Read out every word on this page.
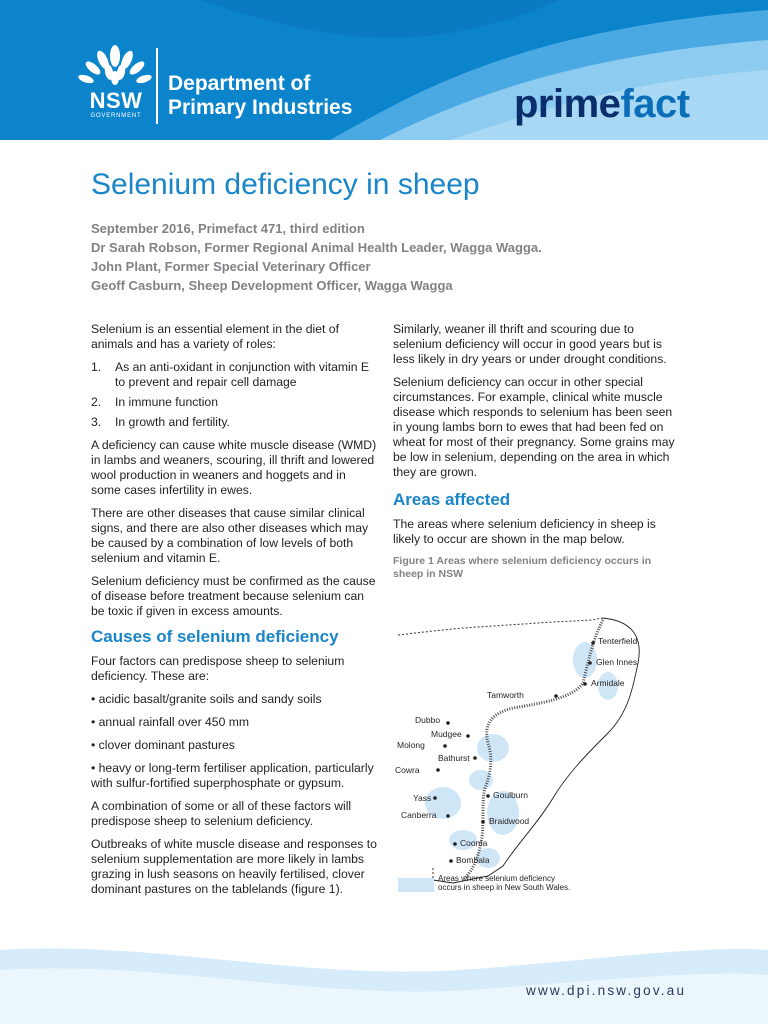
NSW
GOVERNMENT
Department of
Primary Industries	primefact
Selenium deficiency in sheep
September 2016, Primefact 471, third edition
Dr Sarah Robson, Former Regional Animal Health Leader, Wagga Wagga.
John Plant, Former Special Veterinary Officer
Geoff Casburn, Sheep Development Officer, Wagga Wagga

Selenium is an essential element in the diet of animals and has a variety of roles:

1.	As an anti-oxidant in conjunction with vitamin E to prevent and repair cell damage
2.	In immune function
3.	In growth and fertility.

A deficiency can cause white muscle disease (WMD) in lambs and weaners, scouring, ill thrift and lowered wool production in weaners and hoggets and in some cases infertility in ewes.

There are other diseases that cause similar clinical signs, and there are also other diseases which may be caused by a combination of low levels of both selenium and vitamin E.

Selenium deficiency must be confirmed as the cause of disease before treatment because selenium can be toxic if given in excess amounts.

Causes of selenium deficiency

Four factors can predispose sheep to selenium deficiency. These are:

• acidic basalt/granite soils and sandy soils

• annual rainfall over 450 mm

• clover dominant pastures

• heavy or long-term fertiliser application, particularly with sulfur-fortified superphosphate or gypsum.

A combination of some or all of these factors will predispose sheep to selenium deficiency.

Outbreaks of white muscle disease and responses to selenium supplementation are more likely in lambs grazing in lush seasons on heavily fertilised, clover dominant pastures on the tablelands (figure 1).

Similarly, weaner ill thrift and scouring due to selenium deficiency will occur in good years but is less likely in dry years or under drought conditions.

Selenium deficiency can occur in other special circumstances. For example, clinical white muscle disease which responds to selenium has been seen in young lambs born to ewes that had been fed on wheat for most of their pregnancy. Some grains may be low in selenium, depending on the area in which they are grown.

Areas affected

The areas where selenium deficiency in sheep is likely to occur are shown in the map below.

Figure 1 Areas where selenium deficiency occurs in sheep in NSW
Tenterfield
Glen Innes
Armidale
Tamworth
Dubbo
Mudgee
Molong
Bathurst
Cowra
Yass	Goulburn
Canberra
Braidwood
Cooma
Bombala
Areas where selenium deficiency occurs in sheep in New South Wales.
www.dpi.nsw.gov.au
